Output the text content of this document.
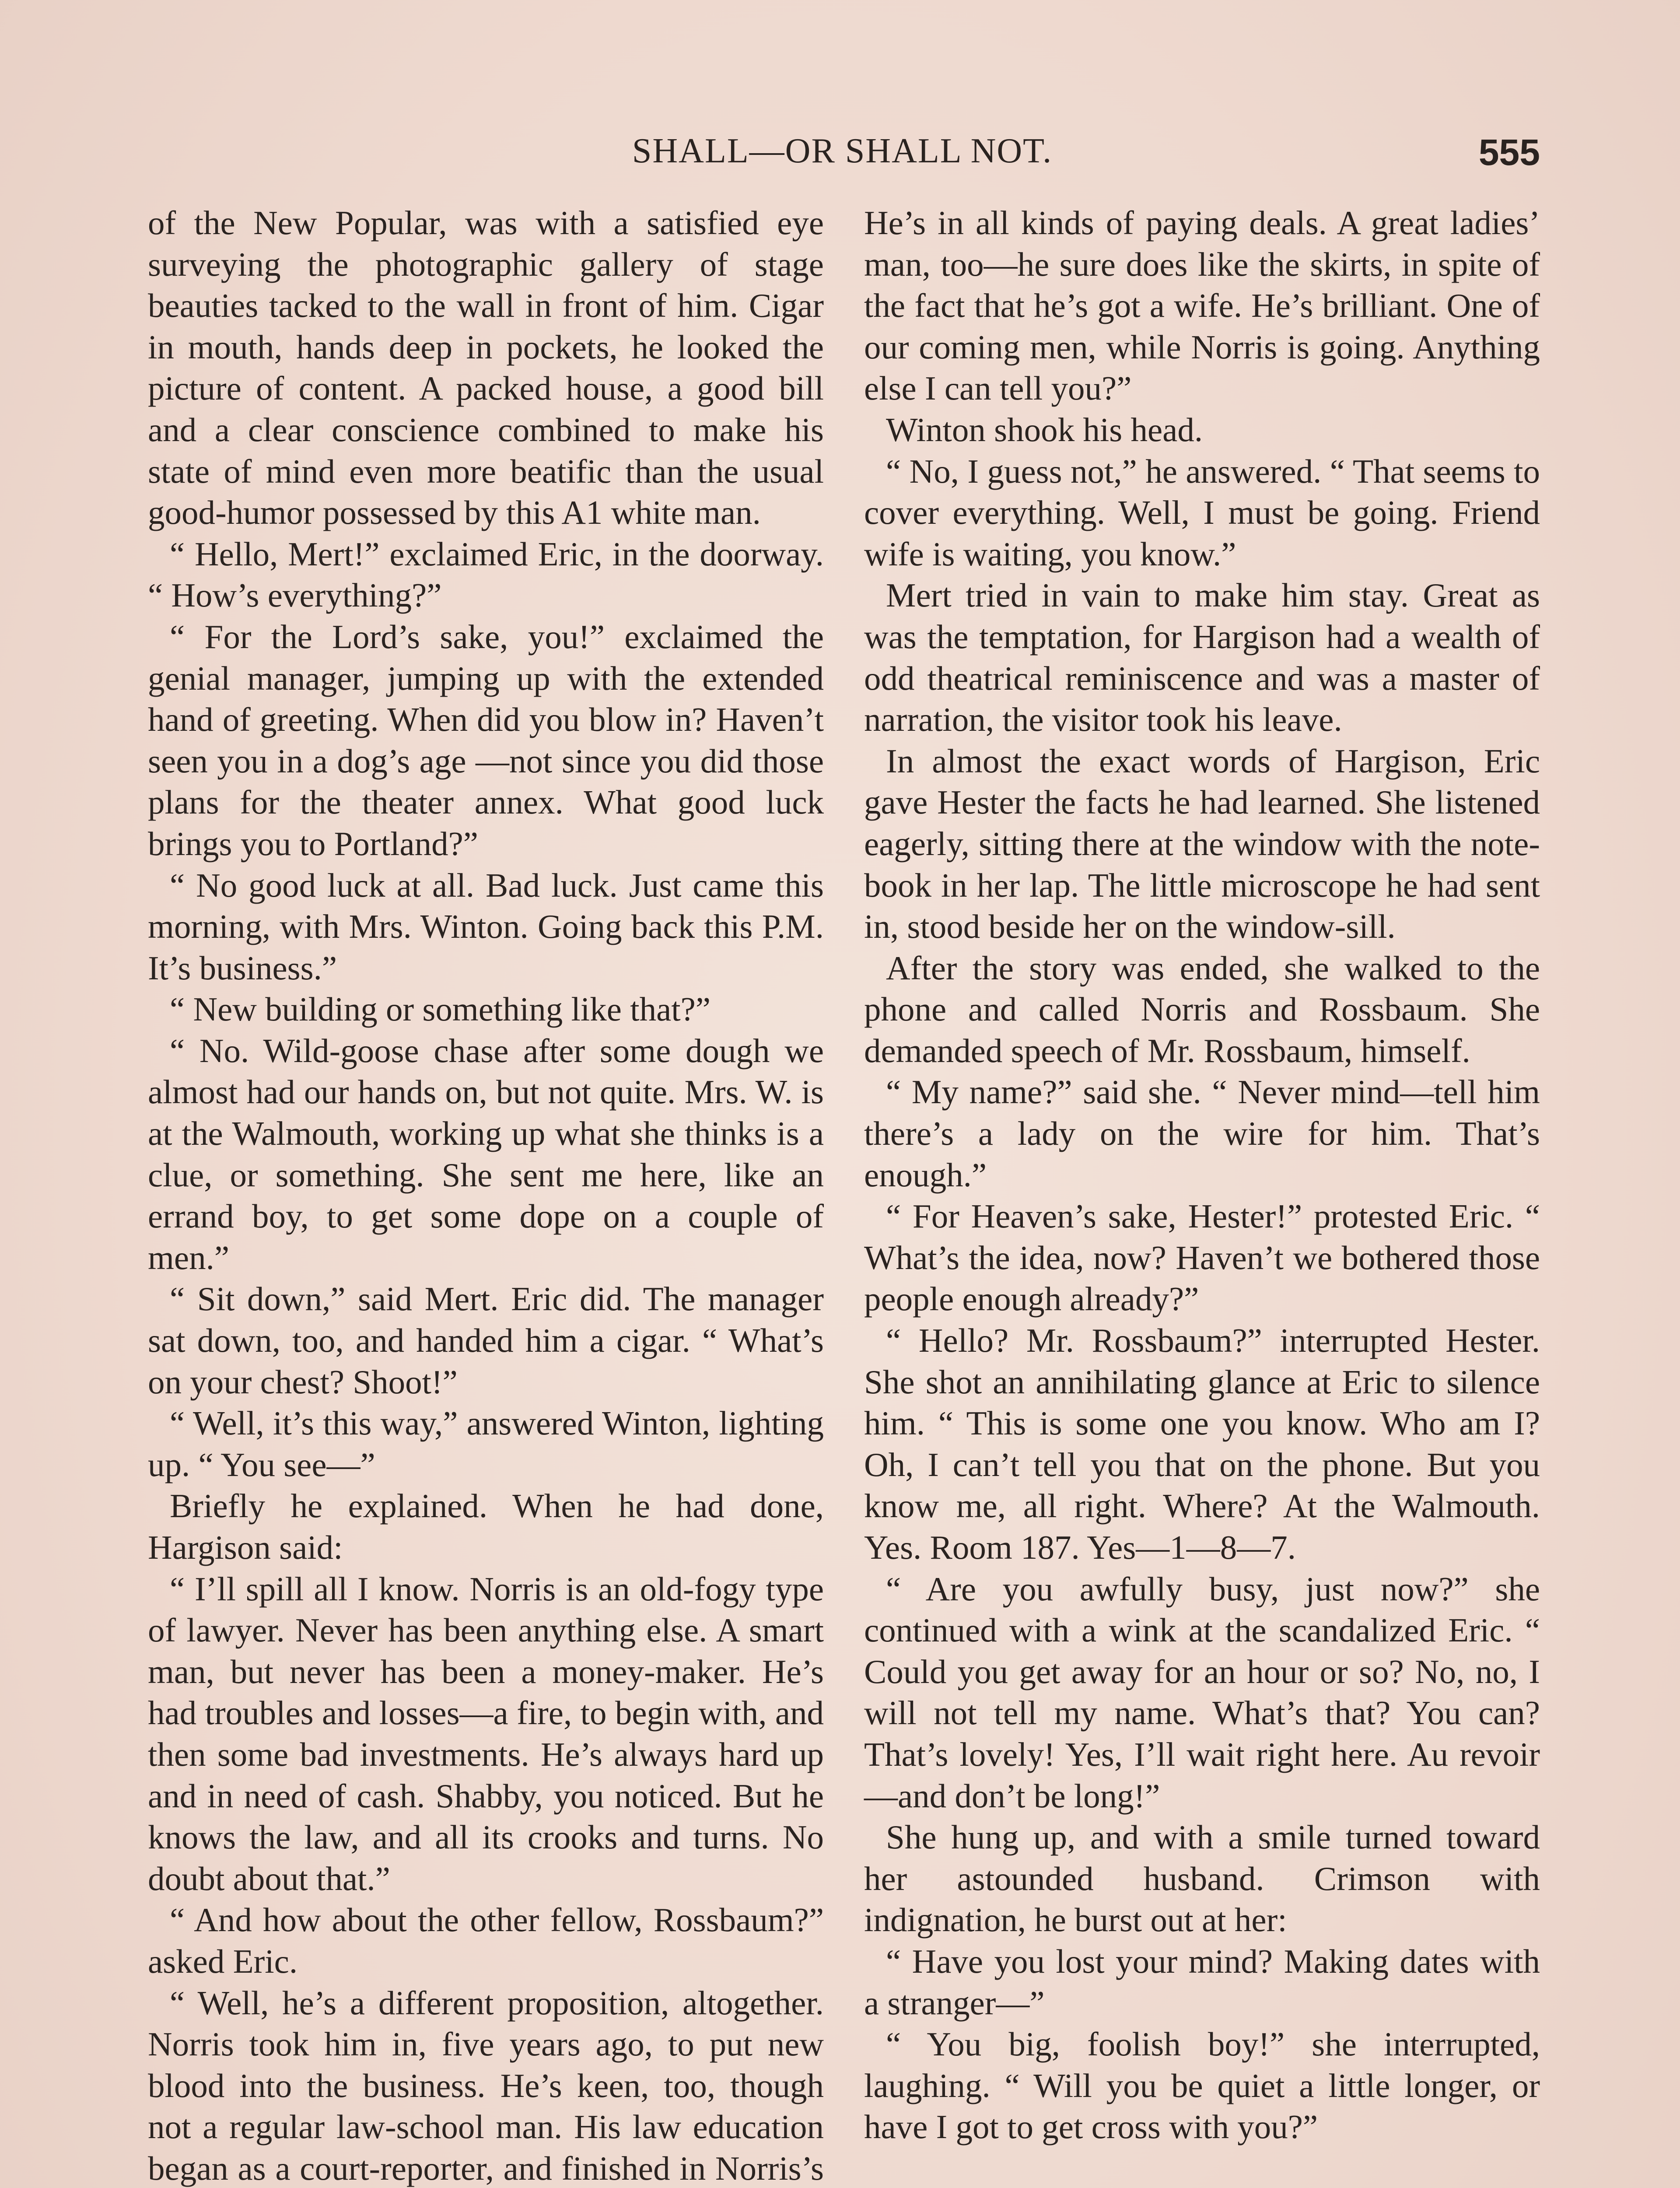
SHALL—OR SHALL NOT.	555

of the New Popular, was with a satisfied eye surveying the photographic gallery of stage beauties tacked to the wall in front of him. Cigar in mouth, hands deep in pockets, he looked the picture of content. A packed house, a good bill and a clear conscience combined to make his state of mind even more beatific than the usual good-humor possessed by this A1 white man.

“ Hello, Mert!” exclaimed Eric, in the doorway. “ How’s everything?”

“ For the Lord’s sake, you!” exclaimed the genial manager, jumping up with the extended hand of greeting. When did you blow in? Haven’t seen you in a dog’s age —not since you did those plans for the theater annex. What good luck brings you to Portland?”

“ No good luck at all. Bad luck. Just came this morning, with Mrs. Winton. Going back this P.M. It’s business.”

“ New building or something like that?”

“ No. Wild-goose chase after some dough we almost had our hands on, but not quite. Mrs. W. is at the Walmouth, working up what she thinks is a clue, or something. She sent me here, like an errand boy, to get some dope on a couple of men.”

“ Sit down,” said Mert. Eric did. The manager sat down, too, and handed him a cigar. “ What’s on your chest? Shoot!”

“ Well, it’s this way,” answered Winton, lighting up. “ You see—”

Briefly he explained. When he had done, Hargison said:

“ I’ll spill all I know. Norris is an old-fogy type of lawyer. Never has been anything else. A smart man, but never has been a money-maker. He’s had troubles and losses—a fire, to begin with, and then some bad investments. He’s always hard up and in need of cash. Shabby, you noticed. But he knows the law, and all its crooks and turns. No doubt about that.”

“ And how about the other fellow, Rossbaum?” asked Eric.

“ Well, he’s a different proposition, altogether. Norris took him in, five years ago, to put new blood into the business. He’s keen, too, though not a regular law-school man. His law education began as a court-reporter, and finished in Norris’s

He’s in all kinds of paying deals. A great ladies’ man, too—he sure does like the skirts, in spite of the fact that he’s got a wife. He’s brilliant. One of our coming men, while Norris is going. Anything else I can tell you?”

Winton shook his head.

“ No, I guess not,” he answered. “ That seems to cover everything. Well, I must be going. Friend wife is waiting, you know.”

Mert tried in vain to make him stay. Great as was the temptation, for Hargison had a wealth of odd theatrical reminiscence and was a master of narration, the visitor took his leave.

In almost the exact words of Hargison, Eric gave Hester the facts he had learned. She listened eagerly, sitting there at the window with the note-book in her lap. The little microscope he had sent in, stood beside her on the window-sill.

After the story was ended, she walked to the phone and called Norris and Rossbaum. She demanded speech of Mr. Rossbaum, himself.

“ My name?” said she. “ Never mind—tell him there’s a lady on the wire for him. That’s enough.”

“ For Heaven’s sake, Hester!” protested Eric. “ What’s the idea, now? Haven’t we bothered those people enough already?”

“ Hello? Mr. Rossbaum?” interrupted Hester. She shot an annihilating glance at Eric to silence him. “ This is some one you know. Who am I? Oh, I can’t tell you that on the phone. But you know me, all right. Where? At the Walmouth. Yes. Room 187. Yes—1—8—7.

“ Are you awfully busy, just now?” she continued with a wink at the scandalized Eric. “ Could you get away for an hour or so? No, no, I will not tell my name. What’s that? You can? That’s lovely! Yes, I’ll wait right here. Au revoir—and don’t be long!”

She hung up, and with a smile turned toward her astounded husband. Crimson with indignation, he burst out at her:

“ Have you lost your mind? Making dates with a stranger—”

“ You big, foolish boy!” she interrupted, laughing. “ Will you be quiet a little longer, or have I got to get cross with you?”
